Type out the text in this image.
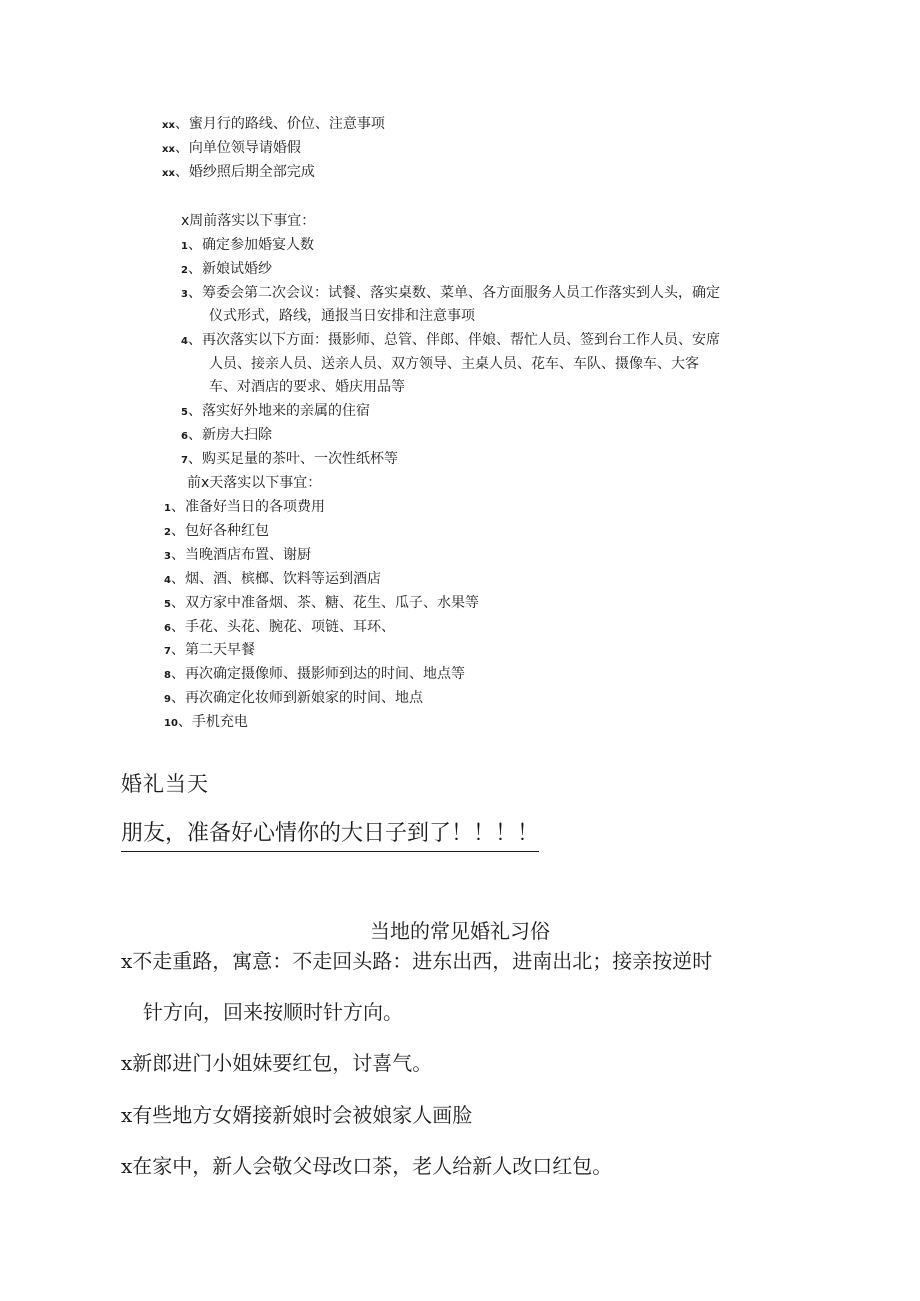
xx、蜜月行的路线、价位、注意事项
xx、向单位领导请婚假
xx、婚纱照后期全部完成
x周前落实以下事宜：
1、确定参加婚宴人数
2、新娘试婚纱
3、筹委会第二次会议：试餐、落实桌数、菜单、各方面服务人员工作落实到人头，确定
仪式形式，路线，通报当日安排和注意事项
4、再次落实以下方面：摄影师、总管、伴郎、伴娘、帮忙人员、签到台工作人员、安席
人员、接亲人员、送亲人员、双方领导、主桌人员、花车、车队、摄像车、大客
车、对酒店的要求、婚庆用品等
5、落实好外地来的亲属的住宿
6、新房大扫除
7、购买足量的茶叶、一次性纸杯等
前x天落实以下事宜：
1、准备好当日的各项费用
2、包好各种红包
3、当晚酒店布置、谢厨
4、烟、酒、槟榔、饮料等运到酒店
5、双方家中准备烟、茶、糖、花生、瓜子、水果等
6、手花、头花、腕花、项链、耳环、
7、第二天早餐
8、再次确定摄像师、摄影师到达的时间、地点等
9、再次确定化妆师到新娘家的时间、地点
10、手机充电
婚礼当天
朋友，准备好心情你的大日子到了！！！！
当地的常见婚礼习俗
x不走重路，寓意：不走回头路：进东出西，进南出北；接亲按逆时
针方向，回来按顺时针方向。
x新郎进门小姐妹要红包，讨喜气。
x有些地方女婿接新娘时会被娘家人画脸
x在家中，新人会敬父母改口茶，老人给新人改口红包。
